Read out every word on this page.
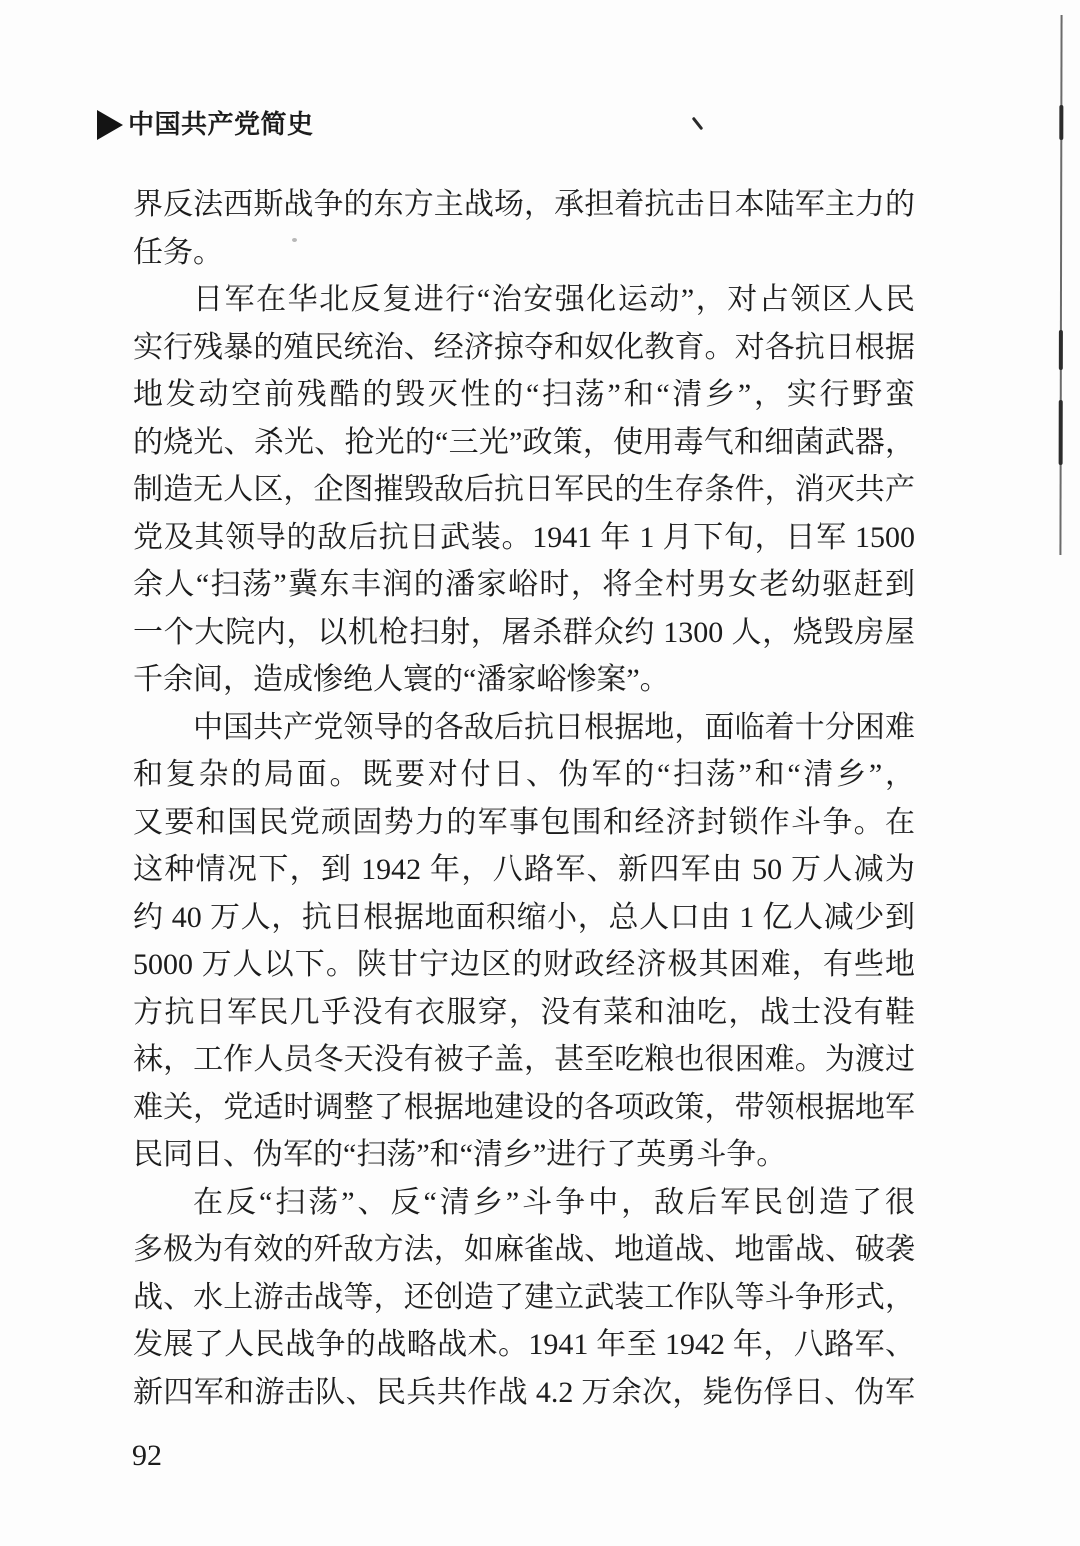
中国共产党简史
界反法西斯战争的东方主战场，承担着抗击日本陆军主力的
任务。
日军在华北反复进行“治安强化运动”，对占领区人民
实行残暴的殖民统治、经济掠夺和奴化教育。对各抗日根据
地发动空前残酷的毁灭性的“扫荡”和“清乡”，实行野蛮
的烧光、杀光、抢光的“三光”政策，使用毒气和细菌武器，
制造无人区，企图摧毁敌后抗日军民的生存条件，消灭共产
党及其领导的敌后抗日武装。1941 年 1 月下旬，日军 1500
余人“扫荡”冀东丰润的潘家峪时，将全村男女老幼驱赶到
一个大院内，以机枪扫射，屠杀群众约 1300 人，烧毁房屋
千余间，造成惨绝人寰的“潘家峪惨案”。
中国共产党领导的各敌后抗日根据地，面临着十分困难
和复杂的局面。既要对付日、伪军的“扫荡”和“清乡”，
又要和国民党顽固势力的军事包围和经济封锁作斗争。在
这种情况下，到 1942 年，八路军、新四军由 50 万人减为
约 40 万人，抗日根据地面积缩小，总人口由 1 亿人减少到
5000 万人以下。陕甘宁边区的财政经济极其困难，有些地
方抗日军民几乎没有衣服穿，没有菜和油吃，战士没有鞋
袜，工作人员冬天没有被子盖，甚至吃粮也很困难。为渡过
难关，党适时调整了根据地建设的各项政策，带领根据地军
民同日、伪军的“扫荡”和“清乡”进行了英勇斗争。
在反“扫荡”、反“清乡”斗争中，敌后军民创造了很
多极为有效的歼敌方法，如麻雀战、地道战、地雷战、破袭
战、水上游击战等，还创造了建立武装工作队等斗争形式，
发展了人民战争的战略战术。1941 年至 1942 年，八路军、
新四军和游击队、民兵共作战 4.2 万余次，毙伤俘日、伪军
92
